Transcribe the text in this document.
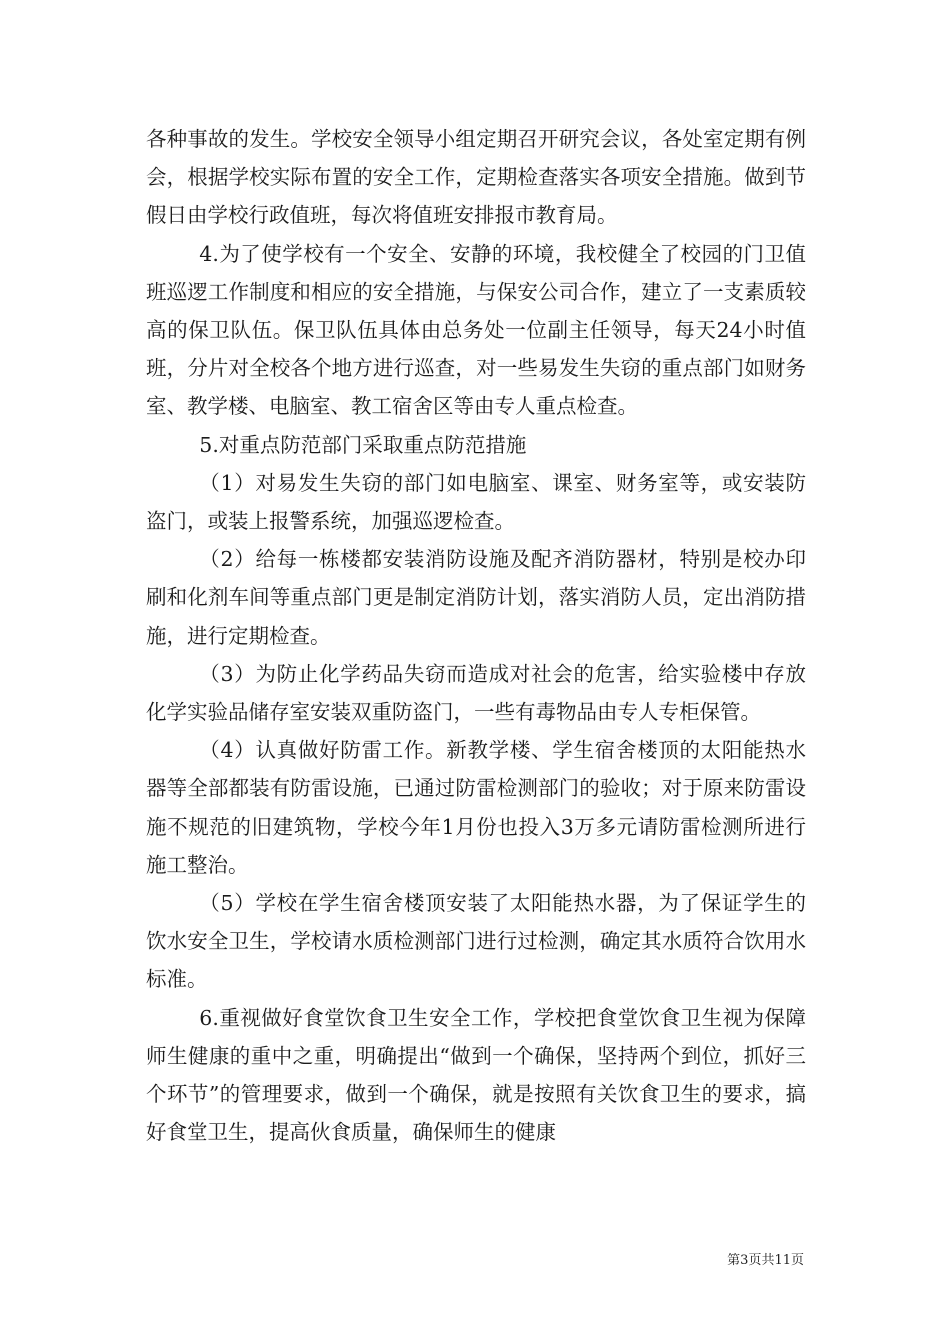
各种事故的发生。学校安全领导小组定期召开研究会议，各处室定期有例会，根据学校实际布置的安全工作，定期检查落实各项安全措施。做到节假日由学校行政值班，每次将值班安排报市教育局。

4.为了使学校有一个安全、安静的环境，我校健全了校园的门卫值班巡逻工作制度和相应的安全措施，与保安公司合作，建立了一支素质较高的保卫队伍。保卫队伍具体由总务处一位副主任领导，每天24小时值班，分片对全校各个地方进行巡查，对一些易发生失窃的重点部门如财务室、教学楼、电脑室、教工宿舍区等由专人重点检查。

5.对重点防范部门采取重点防范措施

（1）对易发生失窃的部门如电脑室、课室、财务室等，或安装防盗门，或装上报警系统，加强巡逻检查。

（2）给每一栋楼都安装消防设施及配齐消防器材，特别是校办印刷和化剂车间等重点部门更是制定消防计划，落实消防人员，定出消防措施，进行定期检查。

（3）为防止化学药品失窃而造成对社会的危害，给实验楼中存放化学实验品储存室安装双重防盗门，一些有毒物品由专人专柜保管。

（4）认真做好防雷工作。新教学楼、学生宿舍楼顶的太阳能热水器等全部都装有防雷设施，已通过防雷检测部门的验收；对于原来防雷设施不规范的旧建筑物，学校今年1月份也投入3万多元请防雷检测所进行施工整治。

（5）学校在学生宿舍楼顶安装了太阳能热水器，为了保证学生的饮水安全卫生，学校请水质检测部门进行过检测，确定其水质符合饮用水标准。

6.重视做好食堂饮食卫生安全工作，学校把食堂饮食卫生视为保障师生健康的重中之重，明确提出“做到一个确保，坚持两个到位，抓好三个环节”的管理要求，做到一个确保，就是按照有关饮食卫生的要求，搞好食堂卫生，提高伙食质量，确保师生的健康

第3页共11页
